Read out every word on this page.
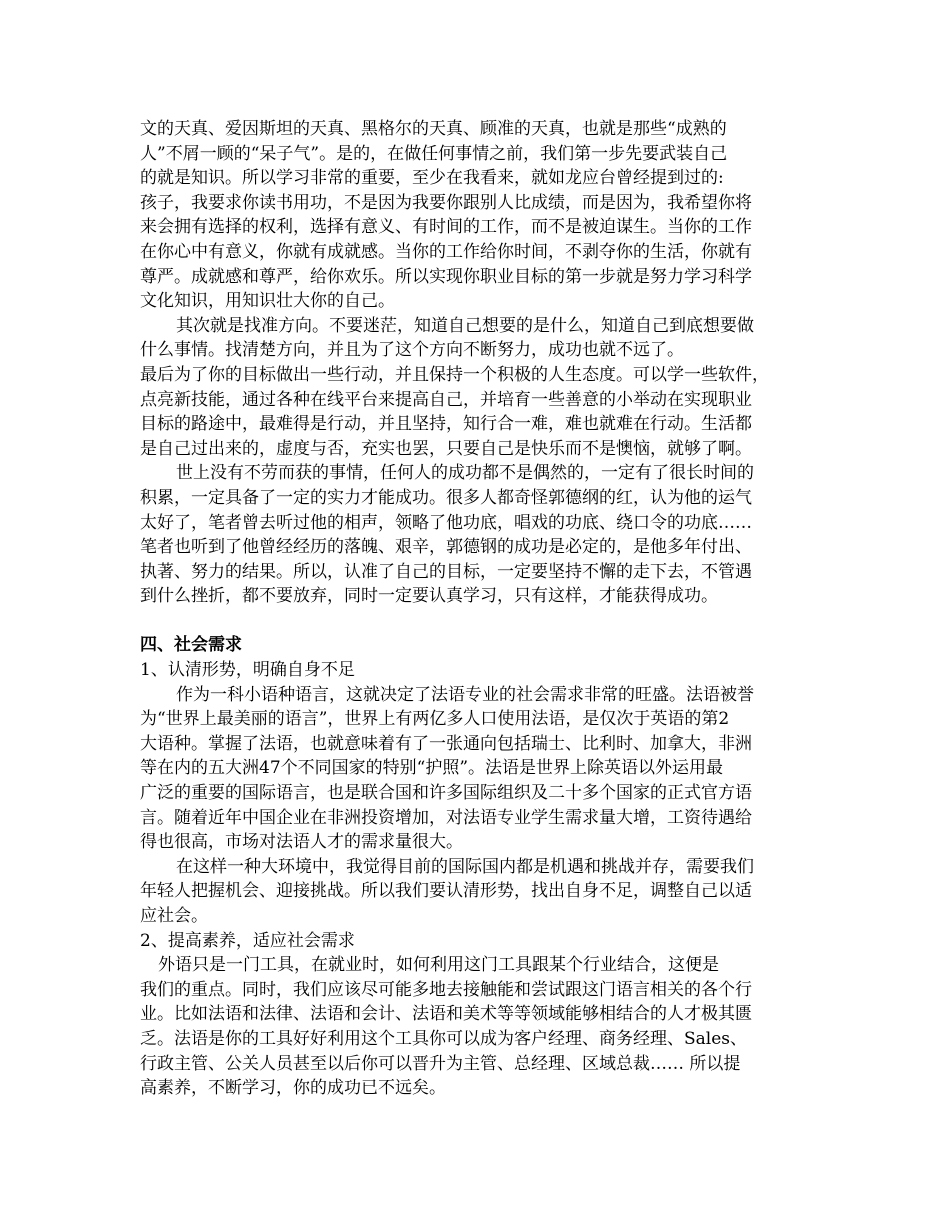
文的天真、爱因斯坦的天真、黑格尔的天真、顾准的天真，也就是那些“成熟的
人”不屑一顾的“呆子气”。是的，在做任何事情之前，我们第一步先要武装自己
的就是知识。所以学习非常的重要，至少在我看来，就如龙应台曾经提到过的:
孩子，我要求你读书用功，不是因为我要你跟别人比成绩，而是因为，我希望你将
来会拥有选择的权利，选择有意义、有时间的工作，而不是被迫谋生。当你的工作
在你心中有意义，你就有成就感。当你的工作给你时间，不剥夺你的生活，你就有
尊严。成就感和尊严，给你欢乐。所以实现你职业目标的第一步就是努力学习科学
文化知识，用知识壮大你的自己。
其次就是找准方向。不要迷茫，知道自己想要的是什么，知道自己到底想要做
什么事情。找清楚方向，并且为了这个方向不断努力，成功也就不远了。
最后为了你的目标做出一些行动，并且保持一个积极的人生态度。可以学一些软件，
点亮新技能，通过各种在线平台来提高自己，并培育一些善意的小举动在实现职业
目标的路途中，最难得是行动，并且坚持，知行合一难，难也就难在行动。生活都
是自己过出来的，虚度与否，充实也罢，只要自己是快乐而不是懊恼，就够了啊。
世上没有不劳而获的事情，任何人的成功都不是偶然的，一定有了很长时间的
积累，一定具备了一定的实力才能成功。很多人都奇怪郭德纲的红，认为他的运气
太好了，笔者曾去听过他的相声，领略了他功底，唱戏的功底、绕口令的功底……
笔者也听到了他曾经经历的落魄、艰辛，郭德钢的成功是必定的，是他多年付出、
执著、努力的结果。所以，认准了自己的目标，一定要坚持不懈的走下去，不管遇
到什么挫折，都不要放弃，同时一定要认真学习，只有这样，才能获得成功。
四、社会需求
1、认清形势，明确自身不足
作为一科小语种语言，这就决定了法语专业的社会需求非常的旺盛。法语被誉
为“世界上最美丽的语言”，世界上有两亿多人口使用法语，是仅次于英语的第2
大语种。掌握了法语，也就意味着有了一张通向包括瑞士、比利时、加拿大，非洲
等在内的五大洲47个不同国家的特别“护照”。法语是世界上除英语以外运用最
广泛的重要的国际语言，也是联合国和许多国际组织及二十多个国家的正式官方语
言。随着近年中国企业在非洲投资增加，对法语专业学生需求量大增，工资待遇给
得也很高，市场对法语人才的需求量很大。
在这样一种大环境中，我觉得目前的国际国内都是机遇和挑战并存，需要我们
年轻人把握机会、迎接挑战。所以我们要认清形势，找出自身不足，调整自己以适
应社会。
2、提高素养，适应社会需求
外语只是一门工具，在就业时，如何利用这门工具跟某个行业结合，这便是
我们的重点。同时，我们应该尽可能多地去接触能和尝试跟这门语言相关的各个行
业。比如法语和法律、法语和会计、法语和美术等等领域能够相结合的人才极其匮
乏。法语是你的工具好好利用这个工具你可以成为客户经理、商务经理、Sales、
行政主管、公关人员甚至以后你可以晋升为主管、总经理、区域总裁…… 所以提
高素养，不断学习，你的成功已不远矣。
